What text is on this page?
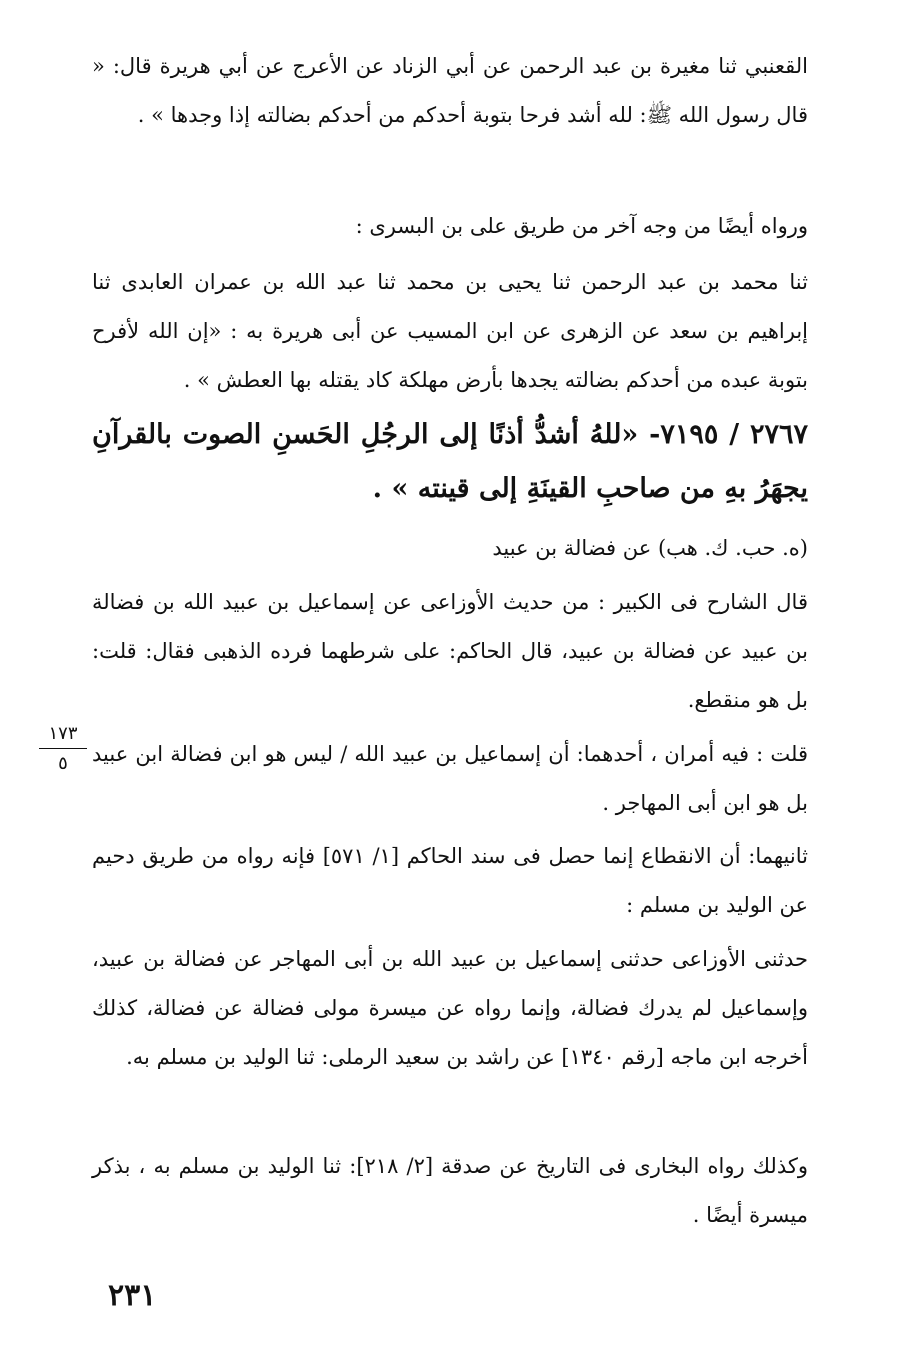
القعنبي ثنا مغيرة بن عبد الرحمن عن أبي الزناد عن الأعرج عن أبي هريرة قال: « قال رسول الله ﷺ: لله أشد فرحا بتوبة أحدكم من أحدكم بضالته إذا وجدها » .

ورواه أيضًا من وجه آخر من طريق على بن البسرى :

ثنا محمد بن عبد الرحمن ثنا يحيى بن محمد ثنا عبد الله بن عمران العابدى ثنا إبراهيم بن سعد عن الزهرى عن ابن المسيب عن أبى هريرة به : «إن الله لأفرح بتوبة عبده من أحدكم بضالته يجدها بأرض مهلكة كاد يقتله بها العطش » .

٢٧٦٧ / ٧١٩٥- «للهُ أشدُّ أذنًا إلى الرجُلِ الحَسنِ الصوت بالقرآنِ يجهَرُ بهِ من صاحبِ القينَةِ إلى قينته » .

(ه. حب. ك. هب) عن فضالة بن عبيد

قال الشارح فى الكبير : من حديث الأوزاعى عن إسماعيل بن عبيد الله بن فضالة بن عبيد عن فضالة بن عبيد، قال الحاكم: على شرطهما فرده الذهبى فقال: قلت: بل هو منقطع.

قلت : فيه أمران ، أحدهما: أن إسماعيل بن عبيد الله / ليس هو ابن فضالة ابن عبيد بل هو ابن أبى المهاجر .

ثانيهما: أن الانقطاع إنما حصل فى سند الحاكم [١/ ٥٧١] فإنه رواه من طريق دحيم عن الوليد بن مسلم :

حدثنى الأوزاعى حدثنى إسماعيل بن عبيد الله بن أبى المهاجر عن فضالة بن عبيد، وإسماعيل لم يدرك فضالة، وإنما رواه عن ميسرة مولى فضالة عن فضالة، كذلك أخرجه ابن ماجه [رقم ١٣٤٠] عن راشد بن سعيد الرملى: ثنا الوليد بن مسلم به.

وكذلك رواه البخارى فى التاريخ عن صدقة [٢/ ٢١٨]: ثنا الوليد بن مسلم به ، بذكر ميسرة أيضًا .

١٧٣
٥
٢٣١
